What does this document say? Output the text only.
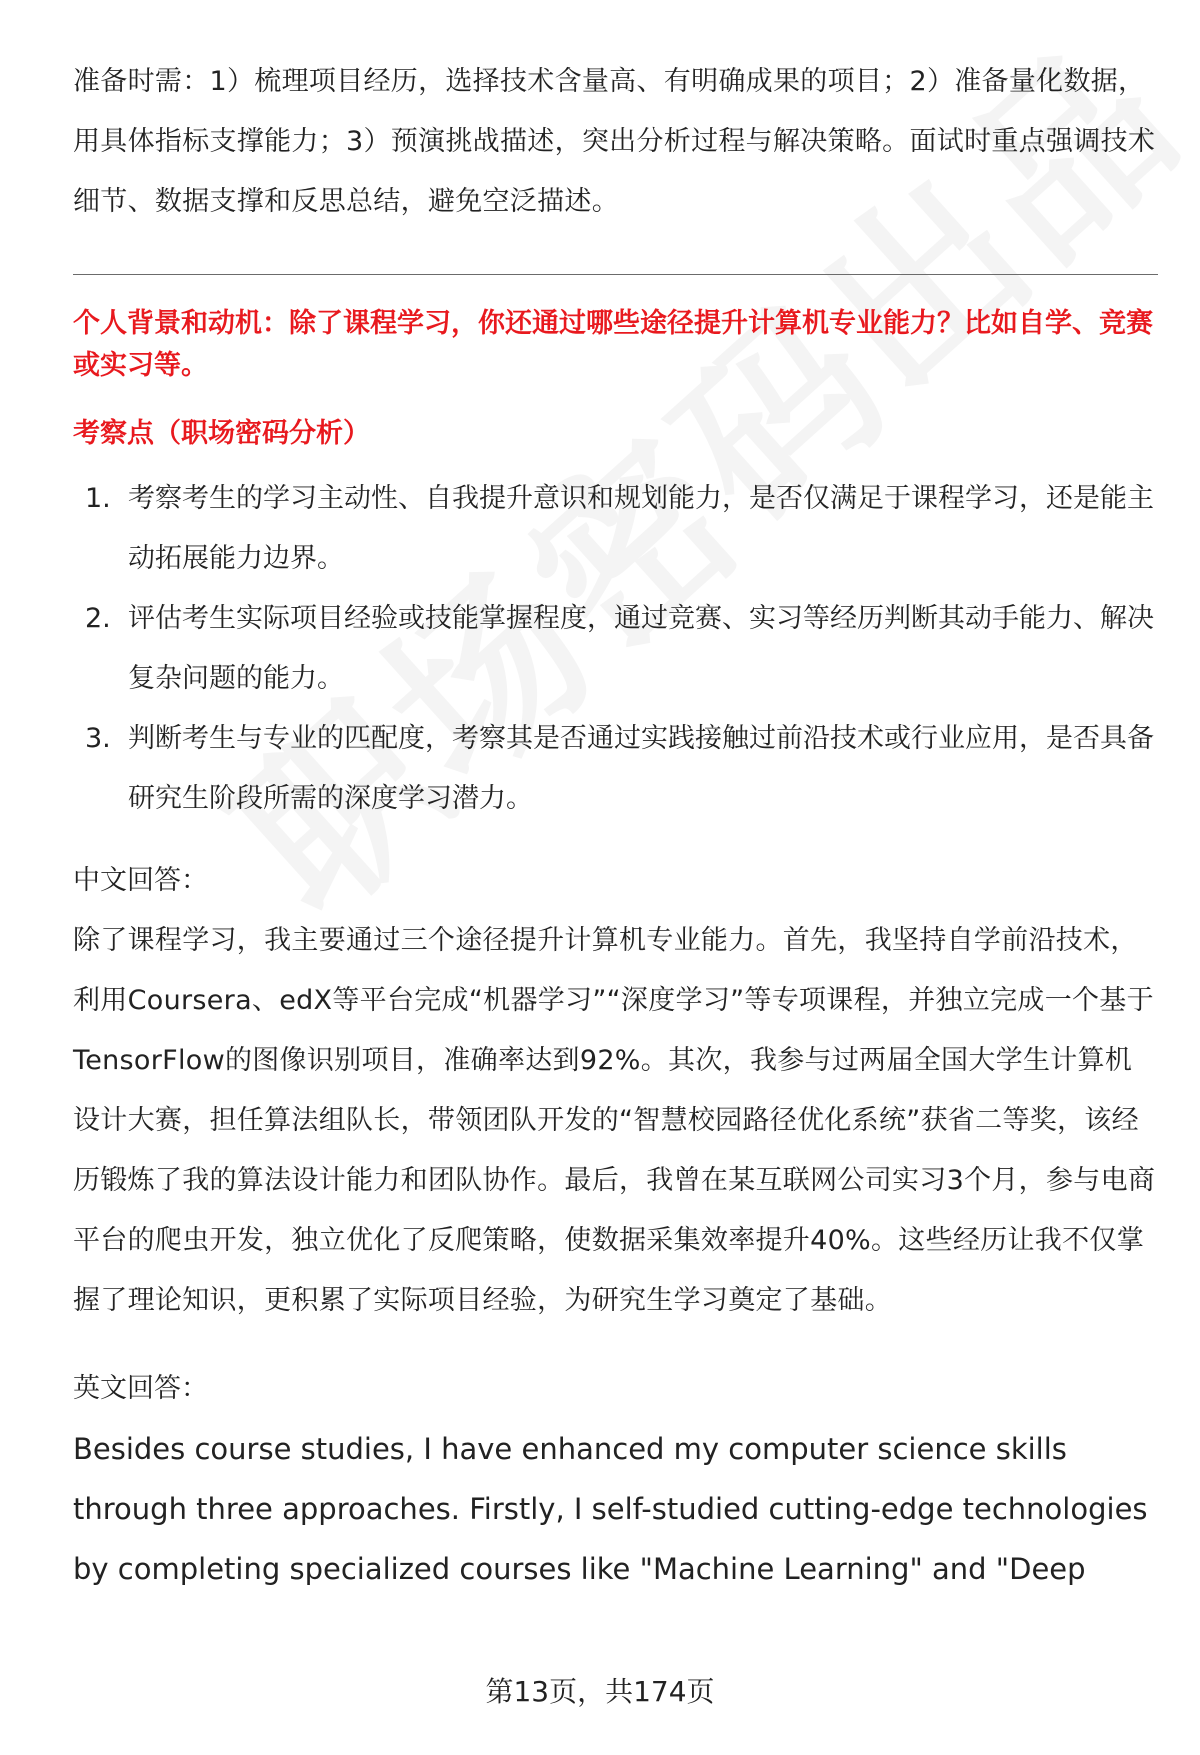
准备时需：1）梳理项目经历，选择技术含量高、有明确成果的项目；2）准备量化数据，用具体指标支撑能力；3）预演挑战描述，突出分析过程与解决策略。面试时重点强调技术细节、数据支撑和反思总结，避免空泛描述。

个人背景和动机：除了课程学习，你还通过哪些途径提升计算机专业能力？比如自学、竞赛或实习等。

考察点（职场密码分析）

1. 考察考生的学习主动性、自我提升意识和规划能力，是否仅满足于课程学习，还是能主动拓展能力边界。
2. 评估考生实际项目经验或技能掌握程度，通过竞赛、实习等经历判断其动手能力、解决复杂问题的能力。
3. 判断考生与专业的匹配度，考察其是否通过实践接触过前沿技术或行业应用，是否具备研究生阶段所需的深度学习潜力。

中文回答：

除了课程学习，我主要通过三个途径提升计算机专业能力。首先，我坚持自学前沿技术，利用Coursera、edX等平台完成“机器学习”“深度学习”等专项课程，并独立完成一个基于TensorFlow的图像识别项目，准确率达到92%。其次，我参与过两届全国大学生计算机设计大赛，担任算法组队长，带领团队开发的“智慧校园路径优化系统”获省二等奖，该经历锻炼了我的算法设计能力和团队协作。最后，我曾在某互联网公司实习3个月，参与电商平台的爬虫开发，独立优化了反爬策略，使数据采集效率提升40%。这些经历让我不仅掌握了理论知识，更积累了实际项目经验，为研究生学习奠定了基础。

英文回答：

Besides course studies, I have enhanced my computer science skills through three approaches. Firstly, I self-studied cutting-edge technologies by completing specialized courses like "Machine Learning" and "Deep

第13页，共174页
